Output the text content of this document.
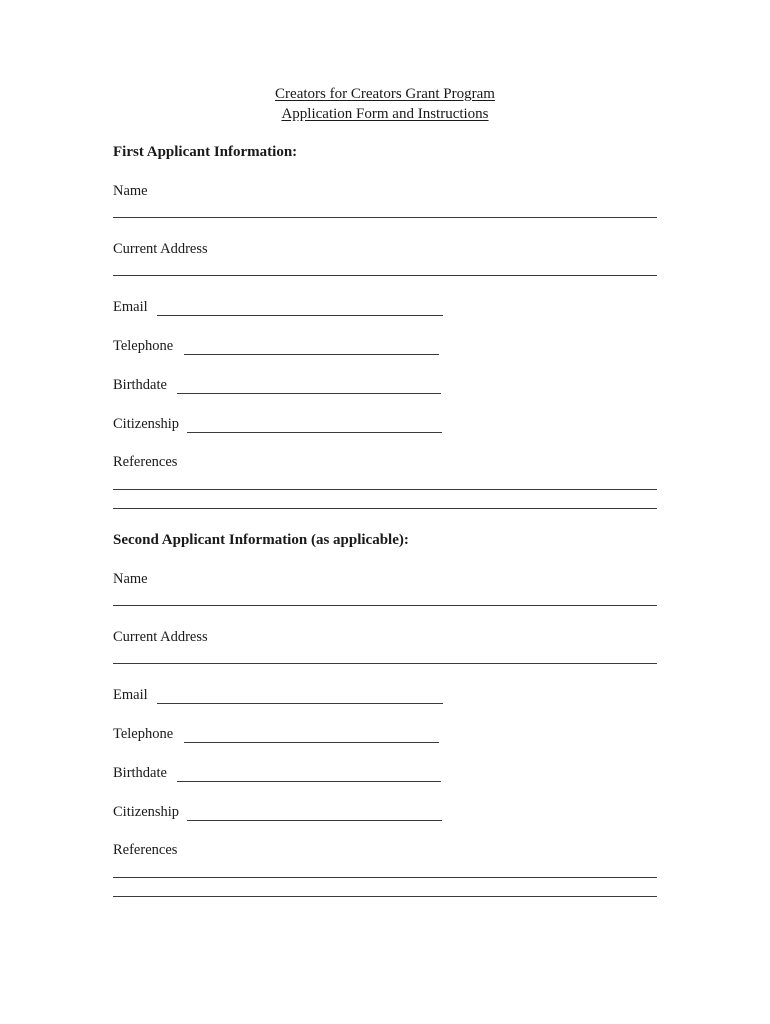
Creators for Creators Grant Program
Application Form and Instructions
First Applicant Information:
Name
Current Address
Email
Telephone
Birthdate
Citizenship
References
Second Applicant Information (as applicable):
Name
Current Address
Email
Telephone
Birthdate
Citizenship
References
